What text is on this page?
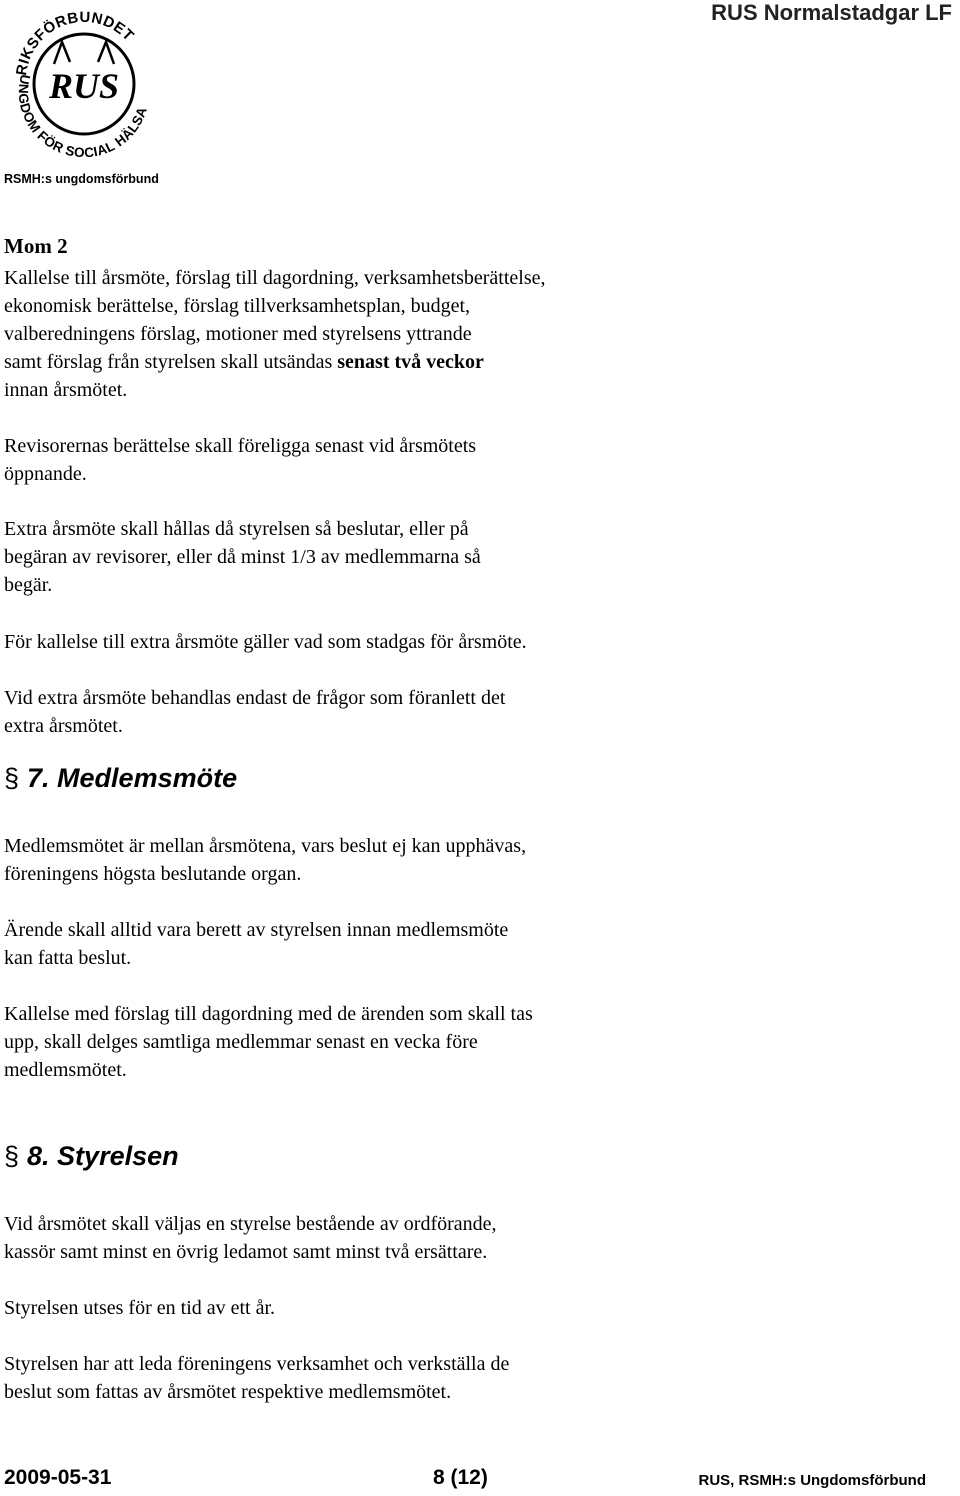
RIKSFÖRBUNDET
RUS
UNGDOM FÖR SOCIAL HÄLSA
RUS Normalstadgar LF
RSMH:s ungdomsförbund
Mom 2

Kallelse till årsmöte, förslag till dagordning, verksamhetsberättelse,
ekonomisk berättelse, förslag tillverksamhetsplan, budget,
valberedningens förslag, motioner med styrelsens yttrande
samt förslag från styrelsen skall utsändas senast två veckor
innan årsmötet.

Revisorernas berättelse skall föreligga senast vid årsmötets
öppnande.

Extra årsmöte skall hållas då styrelsen så beslutar, eller på
begäran av revisorer, eller då minst 1/3 av medlemmarna så
begär.

För kallelse till extra årsmöte gäller vad som stadgas för årsmöte.

Vid extra årsmöte behandlas endast de frågor som föranlett det
extra årsmötet.

§ 7. Medlemsmöte

Medlemsmötet är mellan årsmötena, vars beslut ej kan upphävas,
föreningens högsta beslutande organ.

Ärende skall alltid vara berett av styrelsen innan medlemsmöte
kan fatta beslut.

Kallelse med förslag till dagordning med de ärenden som skall tas
upp, skall delges samtliga medlemmar senast en vecka före
medlemsmötet.

§ 8. Styrelsen

Vid årsmötet skall väljas en styrelse bestående av ordförande,
kassör samt minst en övrig ledamot samt minst två ersättare.

Styrelsen utses för en tid av ett år.

Styrelsen har att leda föreningens verksamhet och verkställa de
beslut som fattas av årsmötet respektive medlemsmötet.

2009-05-31	8 (12)	RUS, RSMH:s Ungdomsförbund
